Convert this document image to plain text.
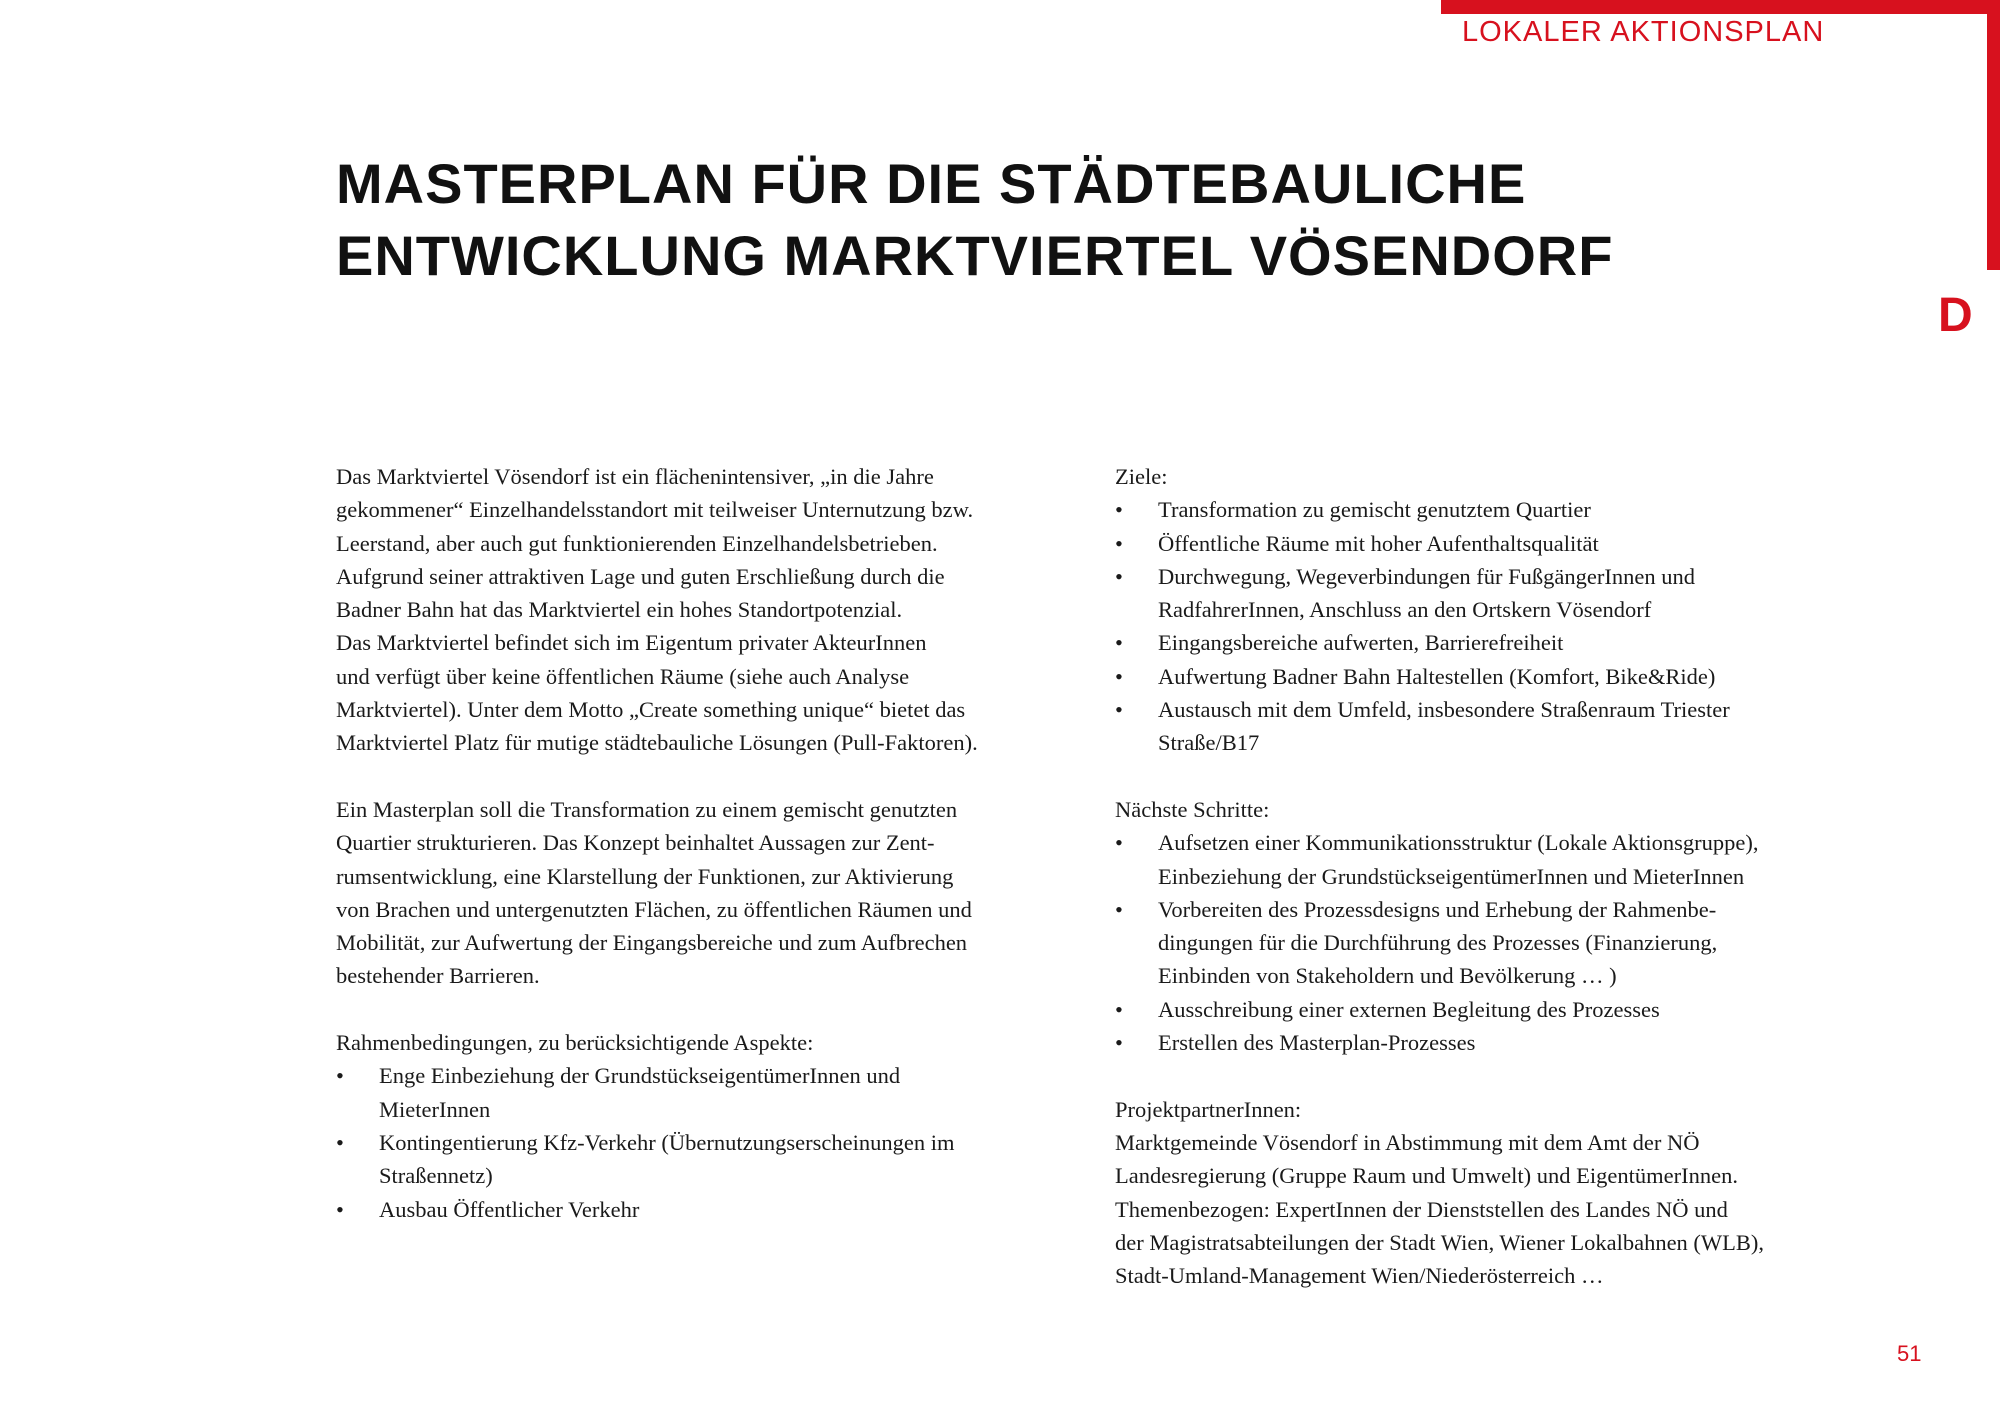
LOKALER AKTIONSPLAN
D
MASTERPLAN FÜR DIE STÄDTEBAULICHE
ENTWICKLUNG MARKTVIERTEL VÖSENDORF
Das Marktviertel Vösendorf ist ein flächenintensiver, „in die Jahre
gekommener“ Einzelhandelsstandort mit teilweiser Unternutzung bzw.
Leerstand, aber auch gut funktionierenden Einzelhandelsbetrieben.
Aufgrund seiner attraktiven Lage und guten Erschließung durch die
Badner Bahn hat das Marktviertel ein hohes Standortpotenzial.
Das Marktviertel befindet sich im Eigentum privater AkteurInnen
und verfügt über keine öffentlichen Räume (siehe auch Analyse
Marktviertel). Unter dem Motto „Create something unique“ bietet das
Marktviertel Platz für mutige städtebauliche Lösungen (Pull-Faktoren).
Ein Masterplan soll die Transformation zu einem gemischt genutzten
Quartier strukturieren. Das Konzept beinhaltet Aussagen zur Zent-
rumsentwicklung, eine Klarstellung der Funktionen, zur Aktivierung
von Brachen und untergenutzten Flächen, zu öffentlichen Räumen und
Mobilität, zur Aufwertung der Eingangsbereiche und zum Aufbrechen
bestehender Barrieren.
Rahmenbedingungen, zu berücksichtigende Aspekte:
• Enge Einbeziehung der GrundstückseigentümerInnen und
MieterInnen
• Kontingentierung Kfz-Verkehr (Übernutzungserscheinungen im
Straßennetz)
• Ausbau Öffentlicher Verkehr
Ziele:
• Transformation zu gemischt genutztem Quartier
• Öffentliche Räume mit hoher Aufenthaltsqualität
• Durchwegung, Wegeverbindungen für FußgängerInnen und
RadfahrerInnen, Anschluss an den Ortskern Vösendorf
• Eingangsbereiche aufwerten, Barrierefreiheit
• Aufwertung Badner Bahn Haltestellen (Komfort, Bike&Ride)
• Austausch mit dem Umfeld, insbesondere Straßenraum Triester
Straße/B17
Nächste Schritte:
• Aufsetzen einer Kommunikationsstruktur (Lokale Aktionsgruppe),
Einbeziehung der GrundstückseigentümerInnen und MieterInnen
• Vorbereiten des Prozessdesigns und Erhebung der Rahmenbe-
dingungen für die Durchführung des Prozesses (Finanzierung,
Einbinden von Stakeholdern und Bevölkerung … )
• Ausschreibung einer externen Begleitung des Prozesses
• Erstellen des Masterplan-Prozesses
ProjektpartnerInnen:
Marktgemeinde Vösendorf in Abstimmung mit dem Amt der NÖ
Landesregierung (Gruppe Raum und Umwelt) und EigentümerInnen.
Themenbezogen: ExpertInnen der Dienststellen des Landes NÖ und
der Magistratsabteilungen der Stadt Wien, Wiener Lokalbahnen (WLB),
Stadt-Umland-Management Wien/Niederösterreich …
51
